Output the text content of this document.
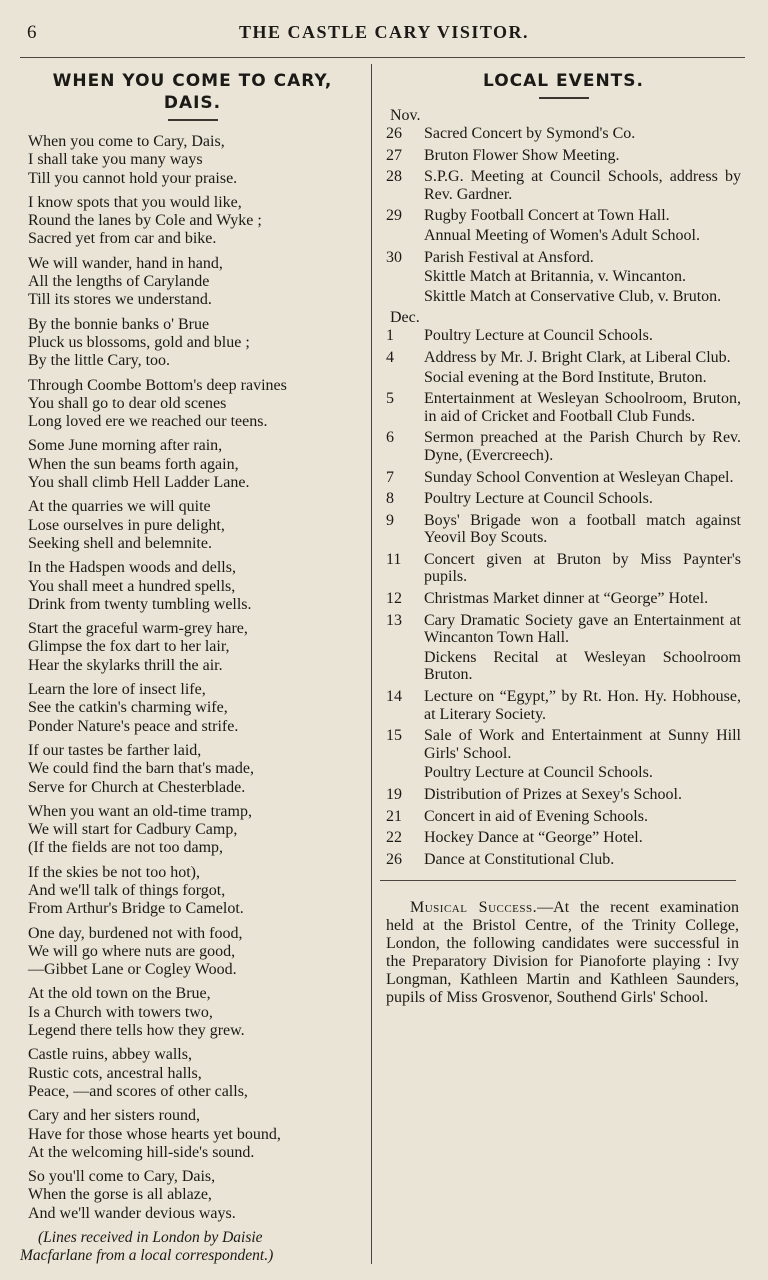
6	THE CASTLE CARY VISITOR.
WHEN YOU COME TO CARY,
DAIS.
When you come to Cary, Dais,
I shall take you many ways
Till you cannot hold your praise.
I know spots that you would like,
Round the lanes by Cole and Wyke ;
Sacred yet from car and bike.
We will wander, hand in hand,
All the lengths of Carylande
Till its stores we understand.
By the bonnie banks o' Brue
Pluck us blossoms, gold and blue ;
By the little Cary, too.
Through Coombe Bottom's deep ravines
You shall go to dear old scenes
Long loved ere we reached our teens.
Some June morning after rain,
When the sun beams forth again,
You shall climb Hell Ladder Lane.
At the quarries we will quite
Lose ourselves in pure delight,
Seeking shell and belemnite.
In the Hadspen woods and dells,
You shall meet a hundred spells,
Drink from twenty tumbling wells.
Start the graceful warm-grey hare,
Glimpse the fox dart to her lair,
Hear the skylarks thrill the air.
Learn the lore of insect life,
See the catkin's charming wife,
Ponder Nature's peace and strife.
If our tastes be farther laid,
We could find the barn that's made,
Serve for Church at Chesterblade.
When you want an old-time tramp,
We will start for Cadbury Camp,
(If the fields are not too damp,
If the skies be not too hot),
And we'll talk of things forgot,
From Arthur's Bridge to Camelot.
One day, burdened not with food,
We will go where nuts are good,
—Gibbet Lane or Cogley Wood.
At the old town on the Brue,
Is a Church with towers two,
Legend there tells how they grew.
Castle ruins, abbey walls,
Rustic cots, ancestral halls,
Peace, —and scores of other calls,
Cary and her sisters round,
Have for those whose hearts yet bound,
At the welcoming hill-side's sound.
So you'll come to Cary, Dais,
When the gorse is all ablaze,
And we'll wander devious ways.
(Lines received in London by Daisie
Macfarlane from a local correspondent.)
LOCAL EVENTS.
Nov.
26	Sacred Concert by Symond's Co.
27	Bruton Flower Show Meeting.
28	S.P.G. Meeting at Council Schools, address by Rev. Gardner.
29	Rugby Football Concert at Town Hall.
Annual Meeting of Women's Adult School.
30	Parish Festival at Ansford.
Skittle Match at Britannia, v. Wincanton.
Skittle Match at Conservative Club, v. Bruton.
Dec.
1	Poultry Lecture at Council Schools.
4	Address by Mr. J. Bright Clark, at Liberal Club.
Social evening at the Bord Institute, Bruton.
5	Entertainment at Wesleyan Schoolroom, Bruton, in aid of Cricket and Football Club Funds.
6	Sermon preached at the Parish Church by Rev. Dyne, (Evercreech).
7	Sunday School Convention at Wesleyan Chapel.
8	Poultry Lecture at Council Schools.
9	Boys' Brigade won a football match against Yeovil Boy Scouts.
11	Concert given at Bruton by Miss Paynter's pupils.
12	Christmas Market dinner at “George” Hotel.
13	Cary Dramatic Society gave an Entertainment at Wincanton Town Hall.
Dickens Recital at Wesleyan Schoolroom Bruton.
14	Lecture on “Egypt,” by Rt. Hon. Hy. Hobhouse, at Literary Society.
15	Sale of Work and Entertainment at Sunny Hill Girls' School.
Poultry Lecture at Council Schools.
19	Distribution of Prizes at Sexey's School.
21	Concert in aid of Evening Schools.
22	Hockey Dance at “George” Hotel.
26	Dance at Constitutional Club.

Musical Success.—At the recent examination held at the Bristol Centre, of the Trinity College, London, the following candidates were successful in the Preparatory Division for Pianoforte playing : Ivy Longman, Kathleen Martin and Kathleen Saunders, pupils of Miss Grosvenor, Southend Girls' School.
